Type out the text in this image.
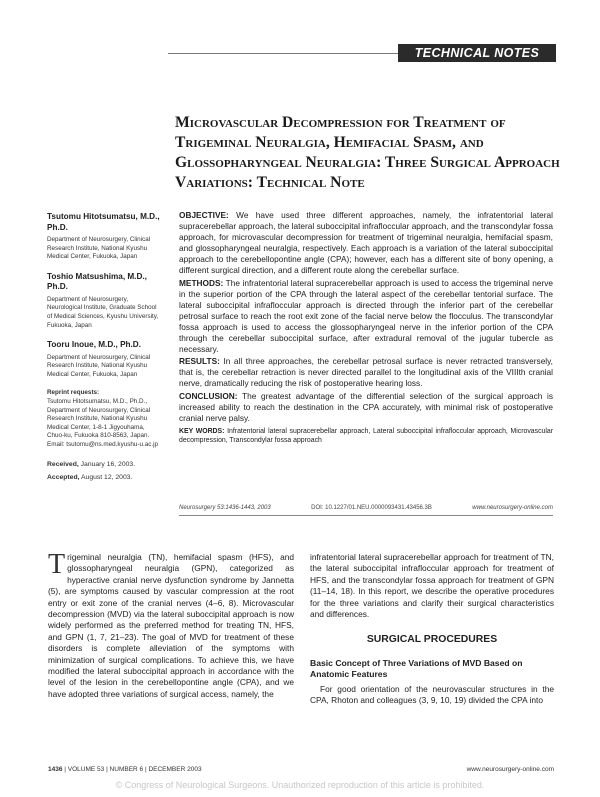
TECHNICAL NOTES
Microvascular Decompression for Treatment of Trigeminal Neuralgia, Hemifacial Spasm, and Glossopharyngeal Neuralgia: Three Surgical Approach Variations: Technical Note
Tsutomu Hitotsumatsu, M.D., Ph.D.
Department of Neurosurgery, Clinical Research Institute, National Kyushu Medical Center, Fukuoka, Japan
Toshio Matsushima, M.D., Ph.D.
Department of Neurosurgery, Neurological Institute, Graduate School of Medical Sciences, Kyushu University, Fukuoka, Japan
Tooru Inoue, M.D., Ph.D.
Department of Neurosurgery, Clinical Research Institute, National Kyushu Medical Center, Fukuoka, Japan
Reprint requests:
Tsutomu Hitotsumatsu, M.D., Ph.D., Department of Neurosurgery, Clinical Research Institute, National Kyushu Medical Center, 1-8-1 Jigyouhama, Chuo-ku, Fukuoka 810-8563, Japan. Email: tsutomu@ns.med.kyushu-u.ac.jp
Received, January 16, 2003.
Accepted, August 12, 2003.

OBJECTIVE: We have used three different approaches, namely, the infratentorial lateral supracerebellar approach, the lateral suboccipital infrafloccular approach, and the transcondylar fossa approach, for microvascular decompression for treatment of trigeminal neuralgia, hemifacial spasm, and glossopharyngeal neuralgia, respectively. Each approach is a variation of the lateral suboccipital approach to the cerebellopontine angle (CPA); however, each has a different site of bony opening, a different surgical direction, and a different route along the cerebellar surface.

METHODS: The infratentorial lateral supracerebellar approach is used to access the trigeminal nerve in the superior portion of the CPA through the lateral aspect of the cerebellar tentorial surface. The lateral suboccipital infrafloccular approach is directed through the inferior part of the cerebellar petrosal surface to reach the root exit zone of the facial nerve below the flocculus. The transcondylar fossa approach is used to access the glossopharyngeal nerve in the inferior portion of the CPA through the cerebellar suboccipital surface, after extradural removal of the jugular tubercle as necessary.

RESULTS: In all three approaches, the cerebellar petrosal surface is never retracted transversely, that is, the cerebellar retraction is never directed parallel to the longitudinal axis of the VIIIth cranial nerve, dramatically reducing the risk of postoperative hearing loss.

CONCLUSION: The greatest advantage of the differential selection of the surgical approach is increased ability to reach the destination in the CPA accurately, with minimal risk of postoperative cranial nerve palsy.

KEY WORDS: Infratentorial lateral supracerebellar approach, Lateral suboccipital infrafloccular approach, Microvascular decompression, Transcondylar fossa approach

Neurosurgery 53:1436-1443, 2003	DOI: 10.1227/01.NEU.0000093431.43456.3B	www.neurosurgery-online.com
Trigeminal neuralgia (TN), hemifacial spasm (HFS), and glossopharyngeal neuralgia (GPN), categorized as hyperactive cranial nerve dysfunction syndrome by Jannetta (5), are symptoms caused by vascular compression at the root entry or exit zone of the cranial nerves (4–6, 8). Microvascular decompression (MVD) via the lateral suboccipital approach is now widely performed as the preferred method for treating TN, HFS, and GPN (1, 7, 21–23). The goal of MVD for treatment of these disorders is complete alleviation of the symptoms with minimization of surgical complications. To achieve this, we have modified the lateral suboccipital approach in accordance with the level of the lesion in the cerebellopontine angle (CPA), and we have adopted three variations of surgical access, namely, the
infratentorial lateral supracerebellar approach for treatment of TN, the lateral suboccipital infrafloccular approach for treatment of HFS, and the transcondylar fossa approach for treatment of GPN (11–14, 18). In this report, we describe the operative procedures for the three variations and clarify their surgical characteristics and differences.
SURGICAL PROCEDURES
Basic Concept of Three Variations of MVD Based on Anatomic Features
For good orientation of the neurovascular structures in the CPA, Rhoton and colleagues (3, 9, 10, 19) divided the CPA into
1436 | VOLUME 53 | NUMBER 6 | DECEMBER 2003	www.neurosurgery-online.com
© Congress of Neurological Surgeons. Unauthorized reproduction of this article is prohibited.
